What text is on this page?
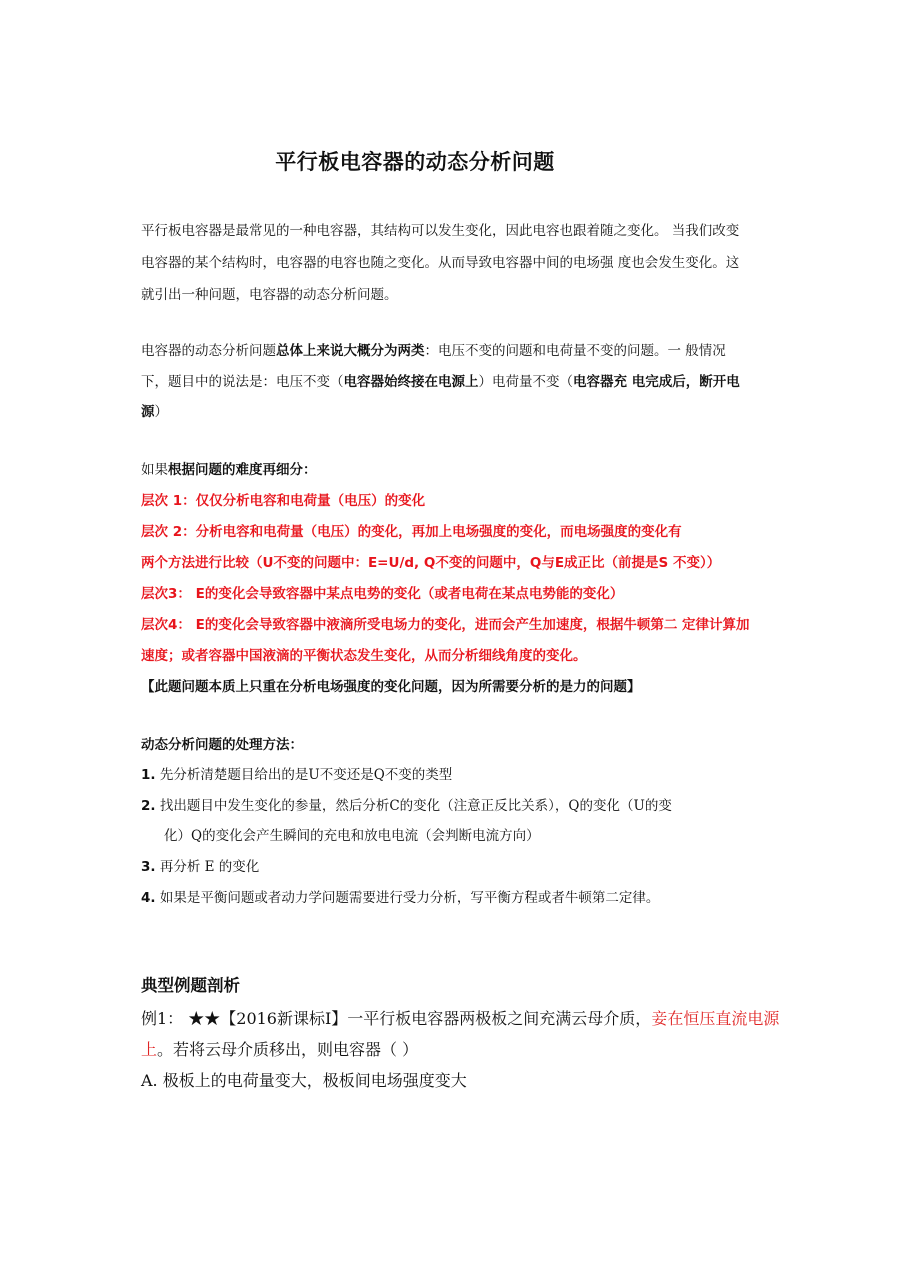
平行板电容器的动态分析问题
平行板电容器是最常见的一种电容器，其结构可以发生变化，因此电容也跟着随之变化。 当我们改变
电容器的某个结构时，电容器的电容也随之变化。从而导致电容器中间的电场强 度也会发生变化。这
就引出一种问题，电容器的动态分析问题。
电容器的动态分析问题总体上来说大概分为两类：电压不变的问题和电荷量不变的问题。一 般情况
下，题目中的说法是：电压不变（电容器始终接在电源上）电荷量不变（电容器充 电完成后，断开电
源）
如果根据问题的难度再细分：
层次 1：仅仅分析电容和电荷量（电压）的变化
层次 2：分析电容和电荷量（电压）的变化，再加上电场强度的变化，而电场强度的变化有
两个方法进行比较（U不变的问题中：E=U/d, Q不变的问题中，Q与E成正比（前提是S 不变））
层次3： E的变化会导致容器中某点电势的变化（或者电荷在某点电势能的变化）
层次4： E的变化会导致容器中液滴所受电场力的变化，进而会产生加速度，根据牛顿第二 定律计算加
速度；或者容器中国液滴的平衡状态发生变化，从而分析细线角度的变化。
【此题问题本质上只重在分析电场强度的变化问题，因为所需要分析的是力的问题】
动态分析问题的处理方法：
1. 先分析清楚题目给出的是U不变还是Q不变的类型
2. 找出题目中发生变化的参量，然后分析C的变化（注意正反比关系），Q的变化（U的变
化）Q的变化会产生瞬间的充电和放电电流（会判断电流方向）
3. 再分析 E 的变化
4. 如果是平衡问题或者动力学问题需要进行受力分析，写平衡方程或者牛顿第二定律。
典型例题剖析
例1： ★★【2016新课标Ⅰ】一平行板电容器两极板之间充满云母介质，妾在恒压直流电源
上。若将云母介质移出，则电容器（ ）
A. 极板上的电荷量变大，极板间电场强度变大
